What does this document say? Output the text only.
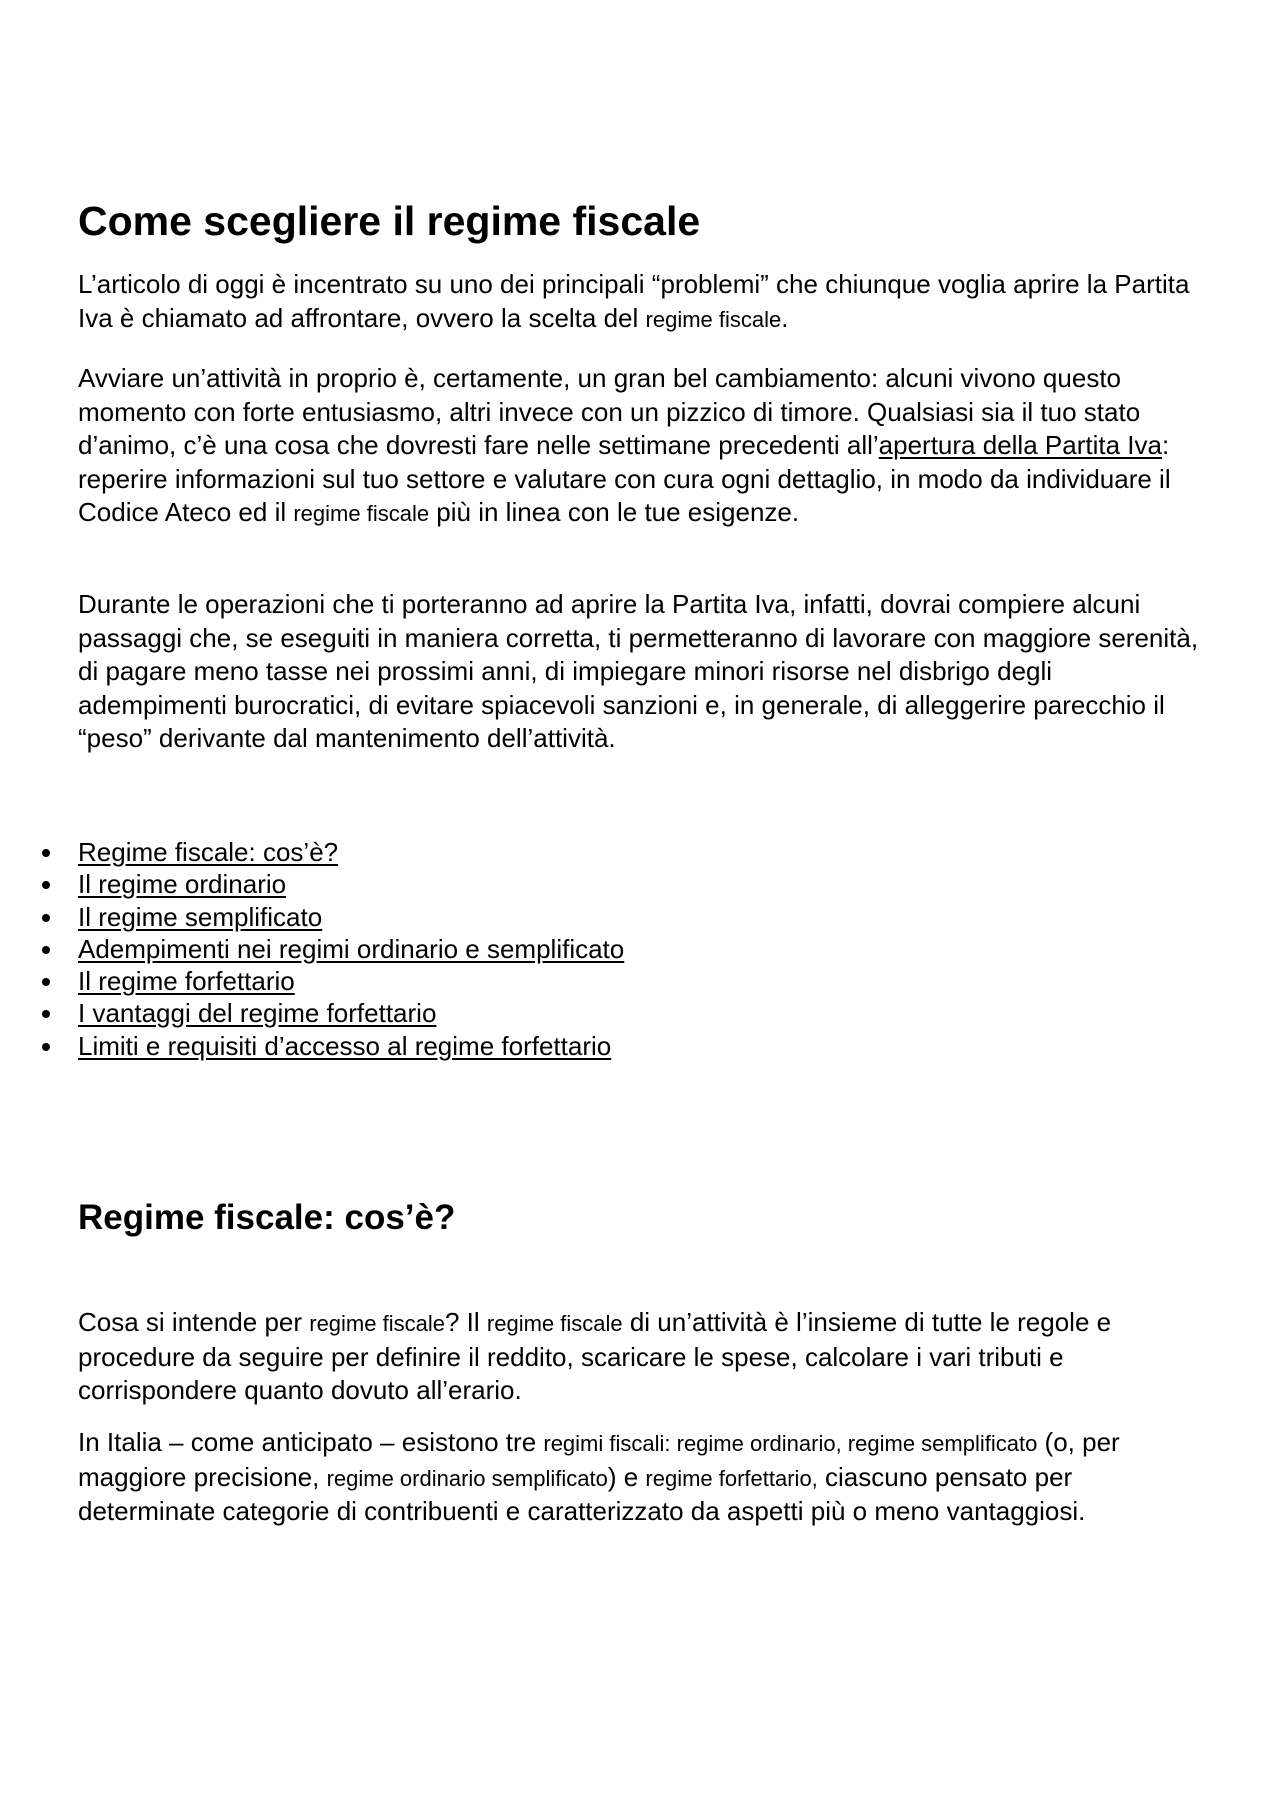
Come scegliere il regime fiscale

L’articolo di oggi è incentrato su uno dei principali “problemi” che chiunque voglia aprire la Partita Iva è chiamato ad affrontare, ovvero la scelta del regime fiscale.

Avviare un’attività in proprio è, certamente, un gran bel cambiamento: alcuni vivono questo momento con forte entusiasmo, altri invece con un pizzico di timore. Qualsiasi sia il tuo stato d’animo, c’è una cosa che dovresti fare nelle settimane precedenti all’apertura della Partita Iva: reperire informazioni sul tuo settore e valutare con cura ogni dettaglio, in modo da individuare il Codice Ateco ed il regime fiscale più in linea con le tue esigenze.

Durante le operazioni che ti porteranno ad aprire la Partita Iva, infatti, dovrai compiere alcuni passaggi che, se eseguiti in maniera corretta, ti permetteranno di lavorare con maggiore serenità, di pagare meno tasse nei prossimi anni, di impiegare minori risorse nel disbrigo degli adempimenti burocratici, di evitare spiacevoli sanzioni e, in generale, di alleggerire parecchio il “peso” derivante dal mantenimento dell’attività.

Regime fiscale: cos’è?
Il regime ordinario
Il regime semplificato
Adempimenti nei regimi ordinario e semplificato
Il regime forfettario
I vantaggi del regime forfettario
Limiti e requisiti d’accesso al regime forfettario
Regime fiscale: cos’è?

Cosa si intende per regime fiscale? Il regime fiscale di un’attività è l’insieme di tutte le regole e procedure da seguire per definire il reddito, scaricare le spese, calcolare i vari tributi e corrispondere quanto dovuto all’erario.

In Italia – come anticipato – esistono tre regimi fiscali: regime ordinario, regime semplificato (o, per maggiore precisione, regime ordinario semplificato) e regime forfettario, ciascuno pensato per determinate categorie di contribuenti e caratterizzato da aspetti più o meno vantaggiosi.
